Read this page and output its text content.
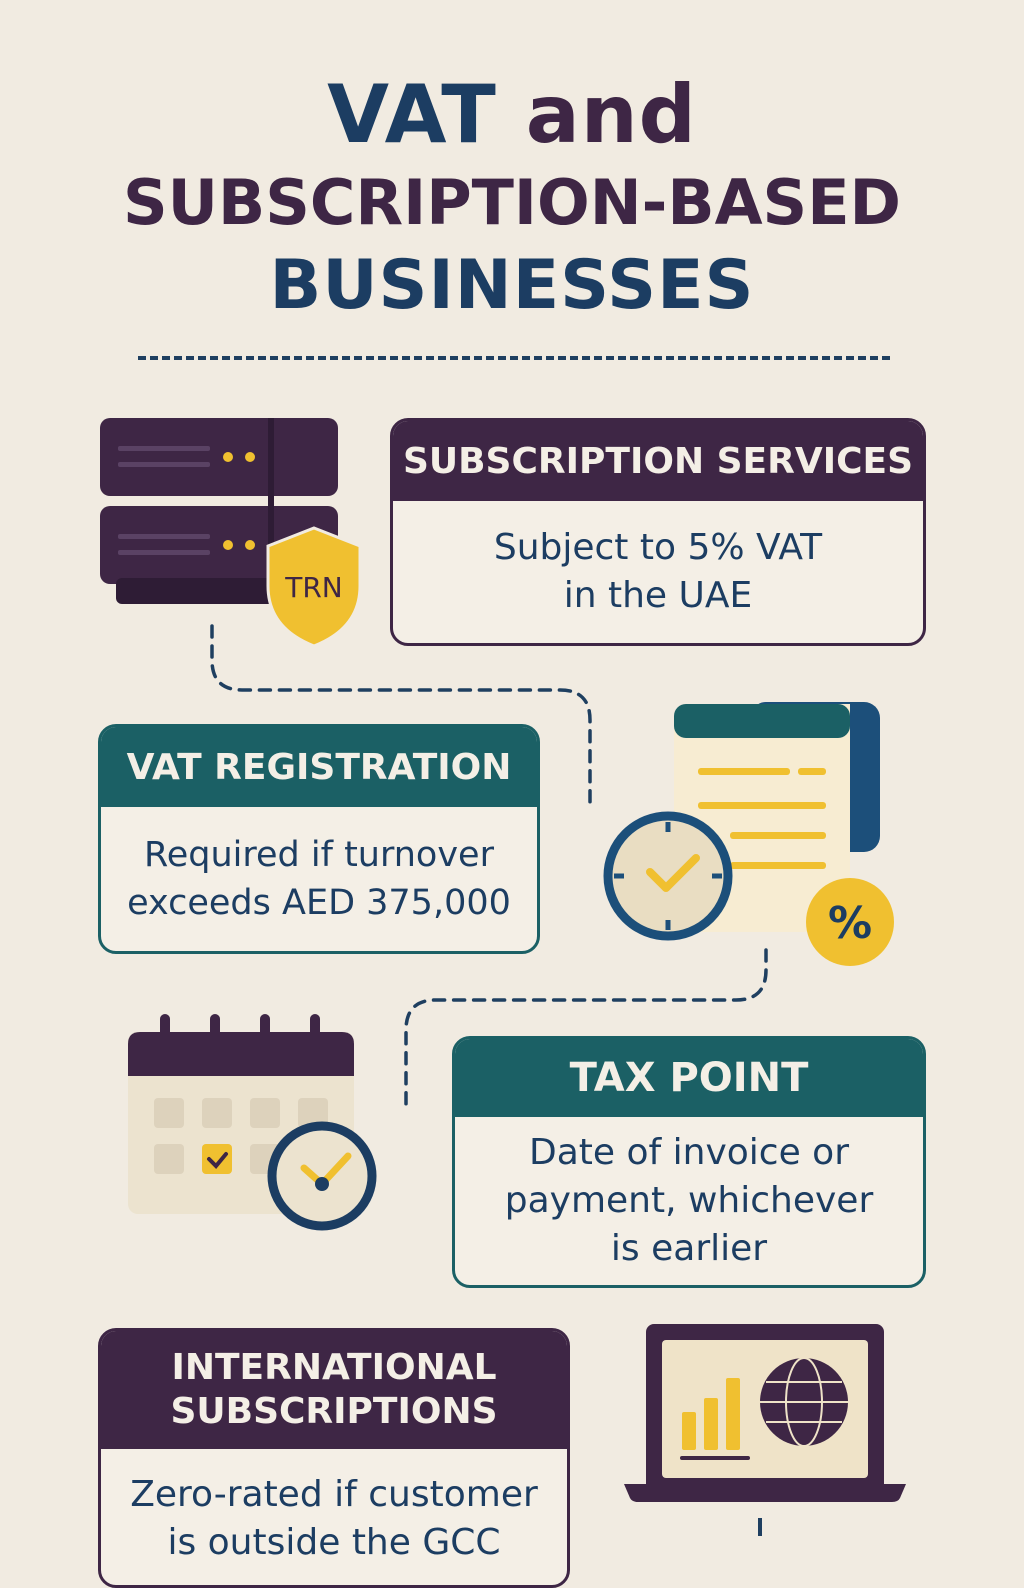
VAT and
SUBSCRIPTION-BASED
BUSINESSES
TRN
SUBSCRIPTION SERVICES
Subject to 5% VAT
in the UAE
VAT REGISTRATION
Required if turnover
exceeds AED 375,000	%
TAX POINT
Date of invoice or
payment, whichever
is earlier
INTERNATIONAL
SUBSCRIPTIONS
Zero-rated if customer
is outside the GCC
